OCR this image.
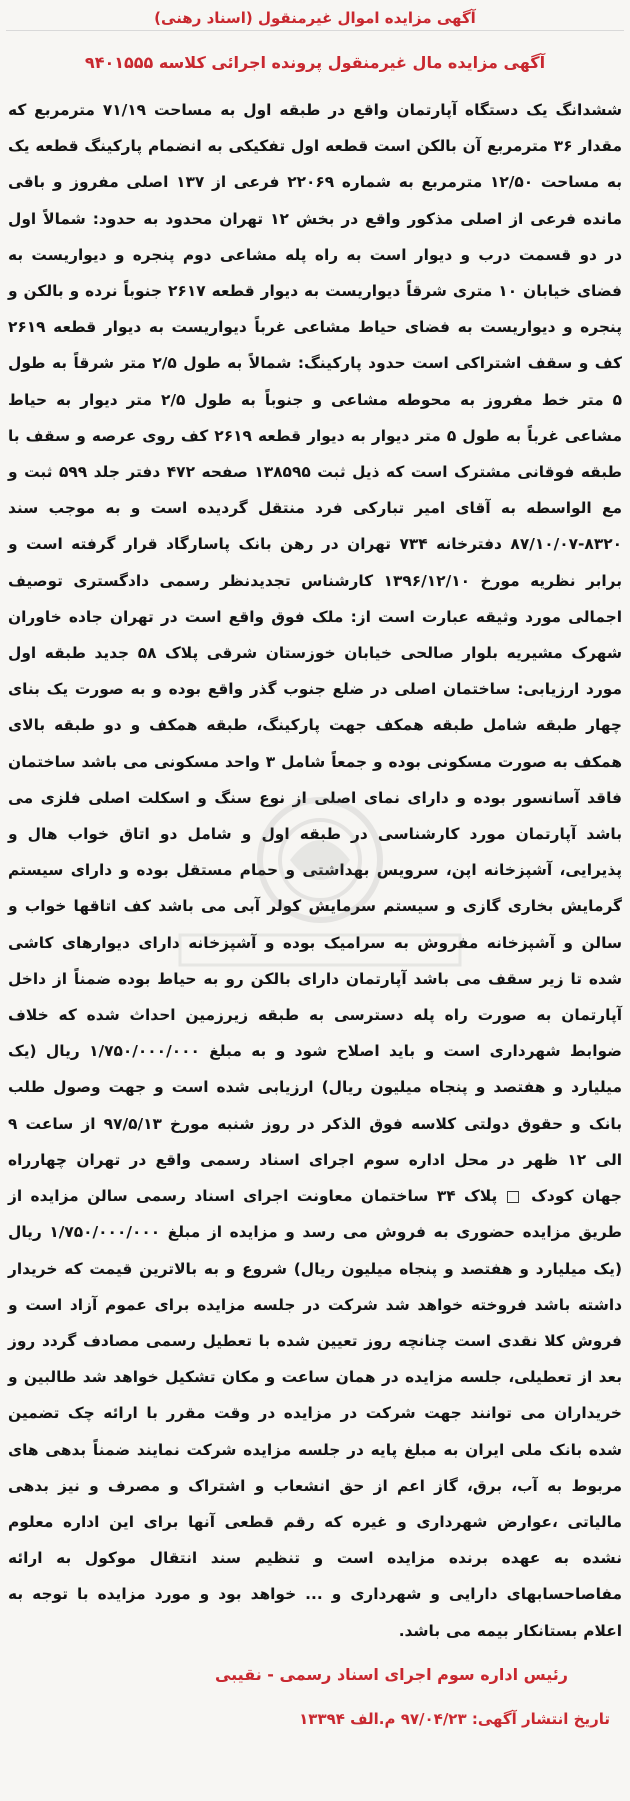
آگهی مزایده اموال غیرمنقول (اسناد رهنی)
آگهی مزایده مال غیرمنقول پرونده اجرائی کلاسه ۹۴۰۱۵۵۵
ششدانگ یک دستگاه آپارتمان واقع در طبقه اول به مساحت ۷۱/۱۹ مترمربع که مقدار ۳۶ مترمربع آن بالکن است قطعه اول تفکیکی به انضمام پارکینگ قطعه یک به مساحت ۱۲/۵۰ مترمربع به شماره ۲۲۰۶۹ فرعی از ۱۳۷ اصلی مفروز و باقی مانده فرعی از اصلی مذکور واقع در بخش ۱۲ تهران محدود به حدود: شمالاً اول در دو قسمت درب و دیوار است به راه پله مشاعی دوم پنجره و دیواریست به فضای خیابان ۱۰ متری شرقاً دیواریست به دیوار قطعه ۲۶۱۷ جنوباً نرده و بالکن و پنجره و دیواریست به فضای حیاط مشاعی غرباً دیواریست به دیوار قطعه ۲۶۱۹ کف و سقف اشتراکی است حدود پارکینگ: شمالاً به طول ۲/۵ متر شرقاً به طول ۵ متر خط مفروز به محوطه مشاعی و جنوباً به طول ۲/۵ متر دیوار به حیاط مشاعی غرباً به طول ۵ متر دیوار به دیوار قطعه ۲۶۱۹ کف روی عرصه و سقف با طبقه فوقانی مشترک است که ذیل ثبت ۱۳۸۵۹۵ صفحه ۴۷۲ دفتر جلد ۵۹۹ ثبت و مع الواسطه به آقای امیر تبارکی فرد منتقل گردیده است و به موجب سند ۸۳۲۰-۸۷/۱۰/۰۷ دفترخانه ۷۳۴ تهران در رهن بانک پاسارگاد قرار گرفته است و برابر نظریه مورخ ۱۳۹۶/۱۲/۱۰ کارشناس تجدیدنظر رسمی دادگستری توصیف اجمالی مورد وثیقه عبارت است از: ملک فوق واقع است در تهران جاده خاوران شهرک مشیریه بلوار صالحی خیابان خوزستان شرقی پلاک ۵۸ جدید طبقه اول مورد ارزیابی: ساختمان اصلی در ضلع جنوب گذر واقع بوده و به صورت یک بنای چهار طبقه شامل طبقه همکف جهت پارکینگ، طبقه همکف و دو طبقه بالای همکف به صورت مسکونی بوده و جمعاً شامل ۳ واحد مسکونی می باشد ساختمان فاقد آسانسور بوده و دارای نمای اصلی از نوع سنگ و اسکلت اصلی فلزی می باشد آپارتمان مورد کارشناسی در طبقه اول و شامل دو اتاق خواب هال و پذیرایی، آشپزخانه اپن، سرویس بهداشتی و حمام مستقل بوده و دارای سیستم گرمایش بخاری گازی و سیستم سرمایش کولر آبی می باشد کف اتاقها خواب و سالن و آشپزخانه مفروش به سرامیک بوده و آشپزخانه دارای دیوارهای کاشی شده تا زیر سقف می باشد آپارتمان دارای بالکن رو به حیاط بوده ضمناً از داخل آپارتمان به صورت راه پله دسترسی به طبقه زیرزمین احداث شده که خلاف ضوابط شهرداری است و باید اصلاح شود و به مبلغ ۱/۷۵۰/۰۰۰/۰۰۰ ریال (یک میلیارد و هفتصد و پنجاه میلیون ریال) ارزیابی شده است و جهت وصول طلب بانک و حقوق دولتی کلاسه فوق الذکر در روز شنبه مورخ ۹۷/۵/۱۳ از ساعت ۹ الی ۱۲ ظهر در محل اداره سوم اجرای اسناد رسمی واقع در تهران چهارراه جهان کودک □ پلاک ۳۴ ساختمان معاونت اجرای اسناد رسمی سالن مزایده از طریق مزایده حضوری به فروش می رسد و مزایده از مبلغ ۱/۷۵۰/۰۰۰/۰۰۰ ریال (یک میلیارد و هفتصد و پنجاه میلیون ریال) شروع و به بالاترین قیمت که خریدار داشته باشد فروخته خواهد شد شرکت در جلسه مزایده برای عموم آزاد است و فروش کلا نقدی است چنانچه روز تعیین شده با تعطیل رسمی مصادف گردد روز بعد از تعطیلی، جلسه مزایده در همان ساعت و مکان تشکیل خواهد شد طالبین و خریداران می توانند جهت شرکت در مزایده در وقت مقرر با ارائه چک تضمین شده بانک ملی ایران به مبلغ پایه در جلسه مزایده شرکت نمایند ضمناً بدهی های مربوط به آب، برق، گاز اعم از حق انشعاب و اشتراک و مصرف و نیز بدهی مالیاتی ،عوارض شهرداری و غیره که رقم قطعی آنها برای این اداره معلوم نشده به عهده برنده مزایده است و تنظیم سند انتقال موکول به ارائه مفاصاحسابهای دارایی و شهرداری و ... خواهد بود و مورد مزایده با توجه به اعلام بستانکار بیمه می باشد.
رئیس اداره سوم اجرای اسناد رسمی - نقیبی
تاریخ انتشار آگهی: ۹۷/۰۴/۲۳ م.الف ۱۳۳۹۴
